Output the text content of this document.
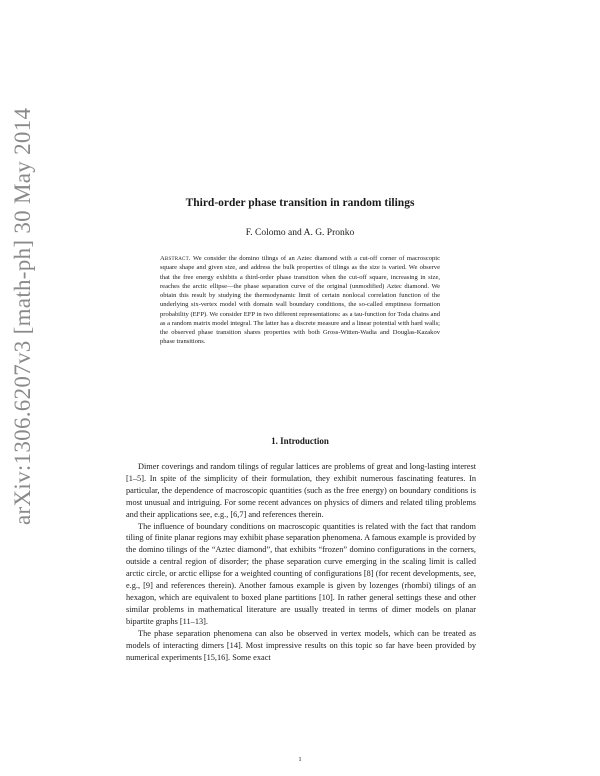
arXiv:1306.6207v3 [math-ph] 30 May 2014	Third-order phase transition in random tilings
F. Colomo and A. G. Pronko
Abstract. We consider the domino tilings of an Aztec diamond with a cut-off corner of macroscopic square shape and given size, and address the bulk properties of tilings as the size is varied. We observe that the free energy exhibits a third-order phase transition when the cut-off square, increasing in size, reaches the arctic ellipse—the phase separation curve of the original (unmodified) Aztec diamond. We obtain this result by studying the thermodynamic limit of certain nonlocal correlation function of the underlying six-vertex model with domain wall boundary conditions, the so-called emptiness formation probability (EFP). We consider EFP in two different representations: as a tau-function for Toda chains and as a random matrix model integral. The latter has a discrete measure and a linear potential with hard walls; the observed phase transition shares properties with both Gross-Witten-Wadia and Douglas-Kazakov phase transitions.
1. Introduction

Dimer coverings and random tilings of regular lattices are problems of great and long-lasting interest [1–5]. In spite of the simplicity of their formulation, they exhibit numerous fascinating features. In particular, the dependence of macroscopic quantities (such as the free energy) on boundary conditions is most unusual and intriguing. For some recent advances on physics of dimers and related tiling problems and their applications see, e.g., [6,7] and references therein.

The influence of boundary conditions on macroscopic quantities is related with the fact that random tiling of finite planar regions may exhibit phase separation phenomena. A famous example is provided by the domino tilings of the “Aztec diamond”, that exhibits “frozen” domino configurations in the corners, outside a central region of disorder; the phase separation curve emerging in the scaling limit is called arctic circle, or arctic ellipse for a weighted counting of configurations [8] (for recent developments, see, e.g., [9] and references therein). Another famous example is given by lozenges (rhombi) tilings of an hexagon, which are equivalent to boxed plane partitions [10]. In rather general settings these and other similar problems in mathematical literature are usually treated in terms of dimer models on planar bipartite graphs [11–13].

The phase separation phenomena can also be observed in vertex models, which can be treated as models of interacting dimers [14]. Most impressive results on this topic so far have been provided by numerical experiments [15,16]. Some exact

1
